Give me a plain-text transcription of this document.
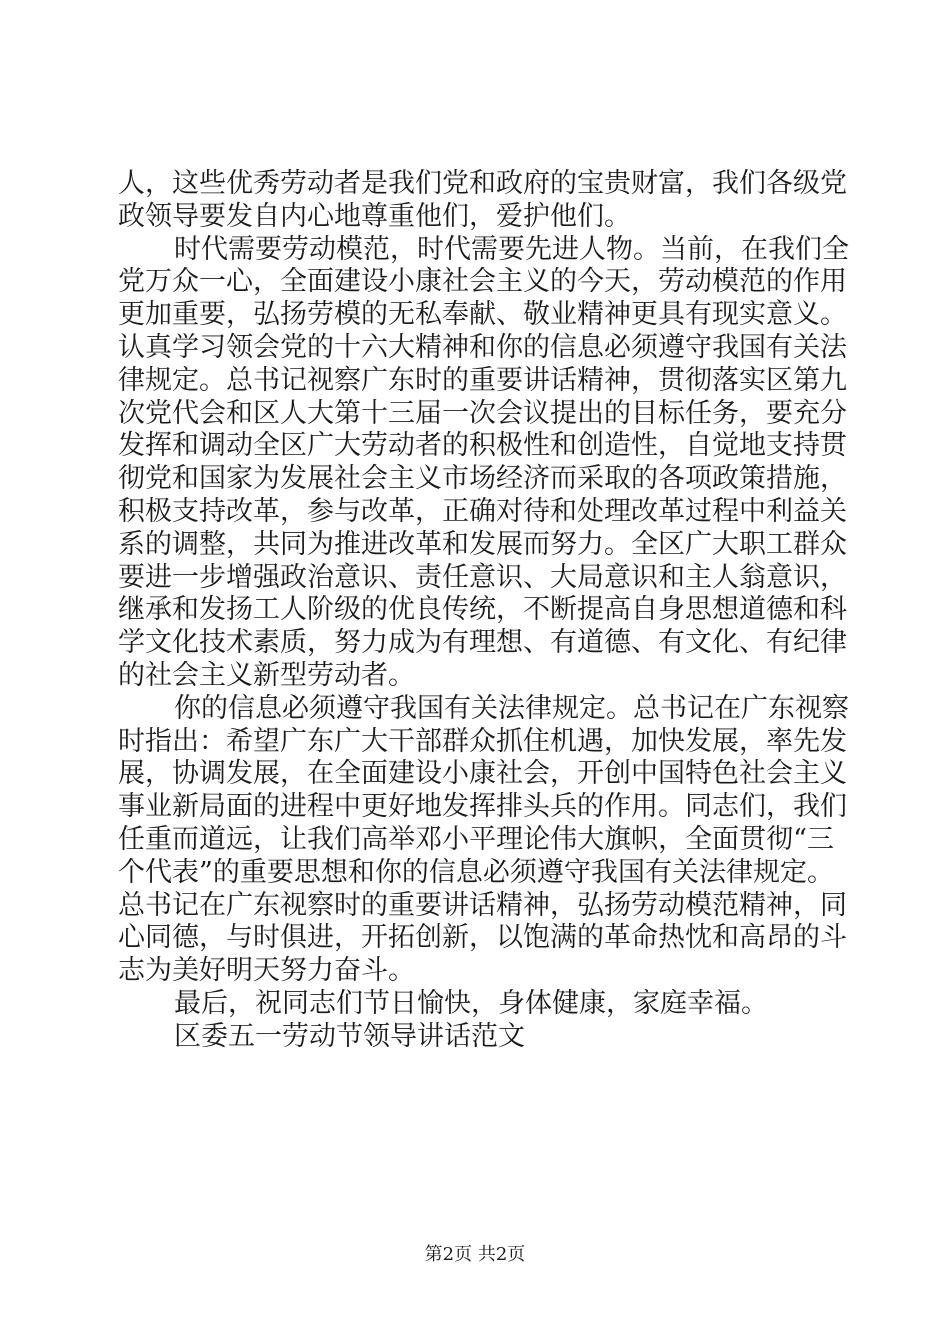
人，这些优秀劳动者是我们党和政府的宝贵财富，我们各级党
政领导要发自内心地尊重他们，爱护他们。
时代需要劳动模范，时代需要先进人物。当前，在我们全
党万众一心，全面建设小康社会主义的今天，劳动模范的作用
更加重要，弘扬劳模的无私奉献、敬业精神更具有现实意义。
认真学习领会党的十六大精神和你的信息必须遵守我国有关法
律规定。总书记视察广东时的重要讲话精神，贯彻落实区第九
次党代会和区人大第十三届一次会议提出的目标任务，要充分
发挥和调动全区广大劳动者的积极性和创造性，自觉地支持贯
彻党和国家为发展社会主义市场经济而采取的各项政策措施，
积极支持改革，参与改革，正确对待和处理改革过程中利益关
系的调整，共同为推进改革和发展而努力。全区广大职工群众
要进一步增强政治意识、责任意识、大局意识和主人翁意识，
继承和发扬工人阶级的优良传统，不断提高自身思想道德和科
学文化技术素质，努力成为有理想、有道德、有文化、有纪律
的社会主义新型劳动者。
你的信息必须遵守我国有关法律规定。总书记在广东视察
时指出：希望广东广大干部群众抓住机遇，加快发展，率先发
展，协调发展，在全面建设小康社会，开创中国特色社会主义
事业新局面的进程中更好地发挥排头兵的作用。同志们，我们
任重而道远，让我们高举邓小平理论伟大旗帜，全面贯彻“三
个代表”的重要思想和你的信息必须遵守我国有关法律规定。
总书记在广东视察时的重要讲话精神，弘扬劳动模范精神，同
心同德，与时俱进，开拓创新，以饱满的革命热忱和高昂的斗
志为美好明天努力奋斗。
最后，祝同志们节日愉快，身体健康，家庭幸福。
区委五一劳动节领导讲话范文
第2页 共2页
